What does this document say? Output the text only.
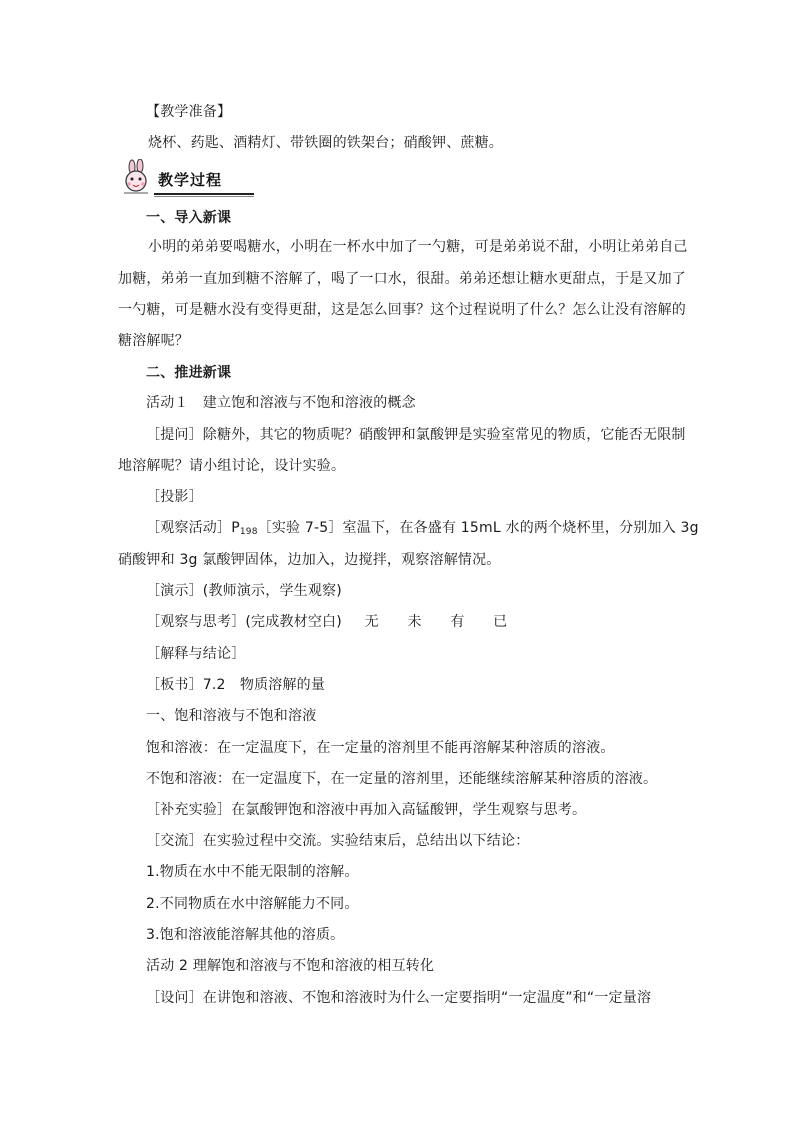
【教学准备】
烧杯、药匙、酒精灯、带铁圈的铁架台；硝酸钾、蔗糖。
教学过程
一、导入新课
小明的弟弟要喝糖水，小明在一杯水中加了一勺糖，可是弟弟说不甜，小明让弟弟自己
加糖，弟弟一直加到糖不溶解了，喝了一口水，很甜。弟弟还想让糖水更甜点，于是又加了
一勺糖，可是糖水没有变得更甜，这是怎么回事？这个过程说明了什么？怎么让没有溶解的
糖溶解呢？
二、推进新课
活动１　建立饱和溶液与不饱和溶液的概念
［提问］除糖外，其它的物质呢？硝酸钾和氯酸钾是实验室常见的物质，它能否无限制
地溶解呢？请小组讨论，设计实验。
［投影］
［观察活动$]P_{198}[$实验 7-5］室温下，在各盛有 15mL 水的两个烧杯里，分别加入 3g
硝酸钾和 3g 氯酸钾固体，边加入，边搅拌，观察溶解情况。
［演示］(教师演示，学生观察)
［观察与思考］(完成教材空白) 无 未 有 已
［解释与结论］
［板书］7.2　物质溶解的量
一、饱和溶液与不饱和溶液
饱和溶液：在一定温度下，在一定量的溶剂里不能再溶解某种溶质的溶液。
不饱和溶液：在一定温度下，在一定量的溶剂里，还能继续溶解某种溶质的溶液。
［补充实验］在氯酸钾饱和溶液中再加入高锰酸钾，学生观察与思考。
［交流］在实验过程中交流。实验结束后，总结出以下结论：
1.物质在水中不能无限制的溶解。
2.不同物质在水中溶解能力不同。
3.饱和溶液能溶解其他的溶质。
活动 2 理解饱和溶液与不饱和溶液的相互转化
［设问］在讲饱和溶液、不饱和溶液时为什么一定要指明“一定温度”和“一定量溶
